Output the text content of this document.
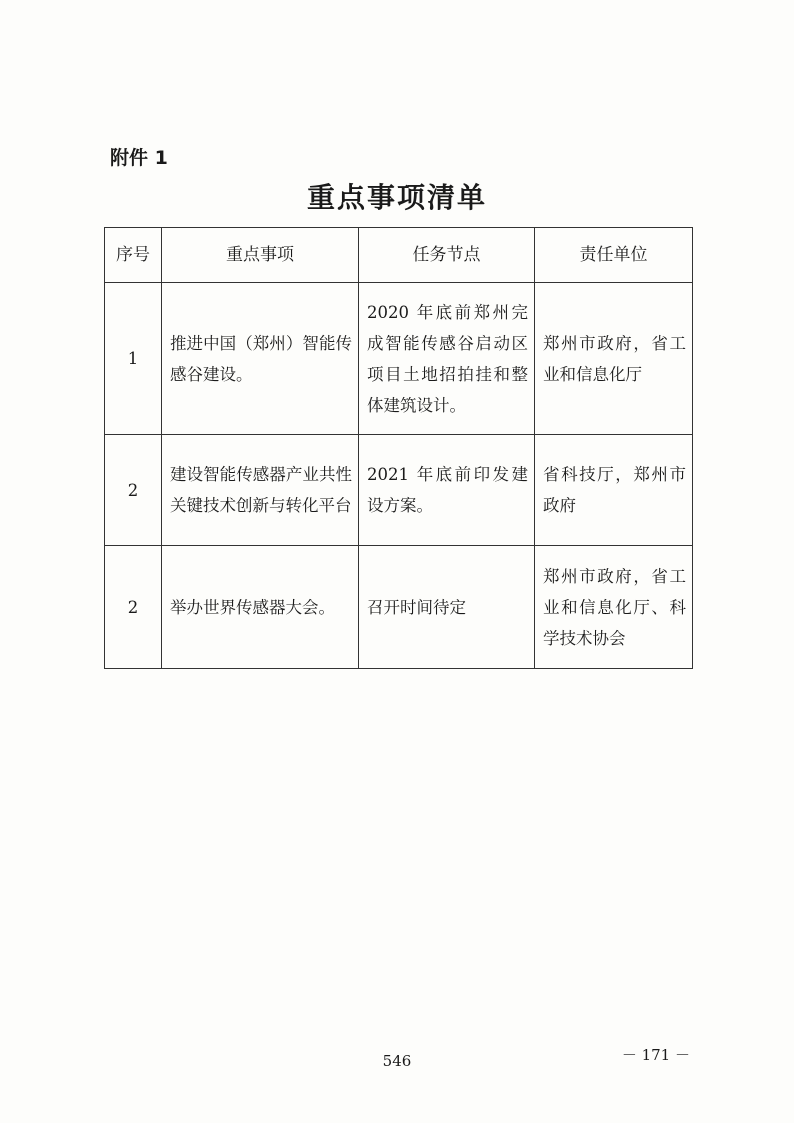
附件 1
重点事项清单
序号	重点事项	任务节点	责任单位
1	推进中国（郑州）智能传感谷建设。	2020 年底前郑州完成智能传感谷启动区项目土地招拍挂和整体建筑设计。	郑州市政府，省工业和信息化厅
2	建设智能传感器产业共性关键技术创新与转化平台	2021 年底前印发建设方案。	省科技厅，郑州市政府
2	举办世界传感器大会。	召开时间待定	郑州市政府，省工业和信息化厅、科学技术协会
－ 171 －
546
